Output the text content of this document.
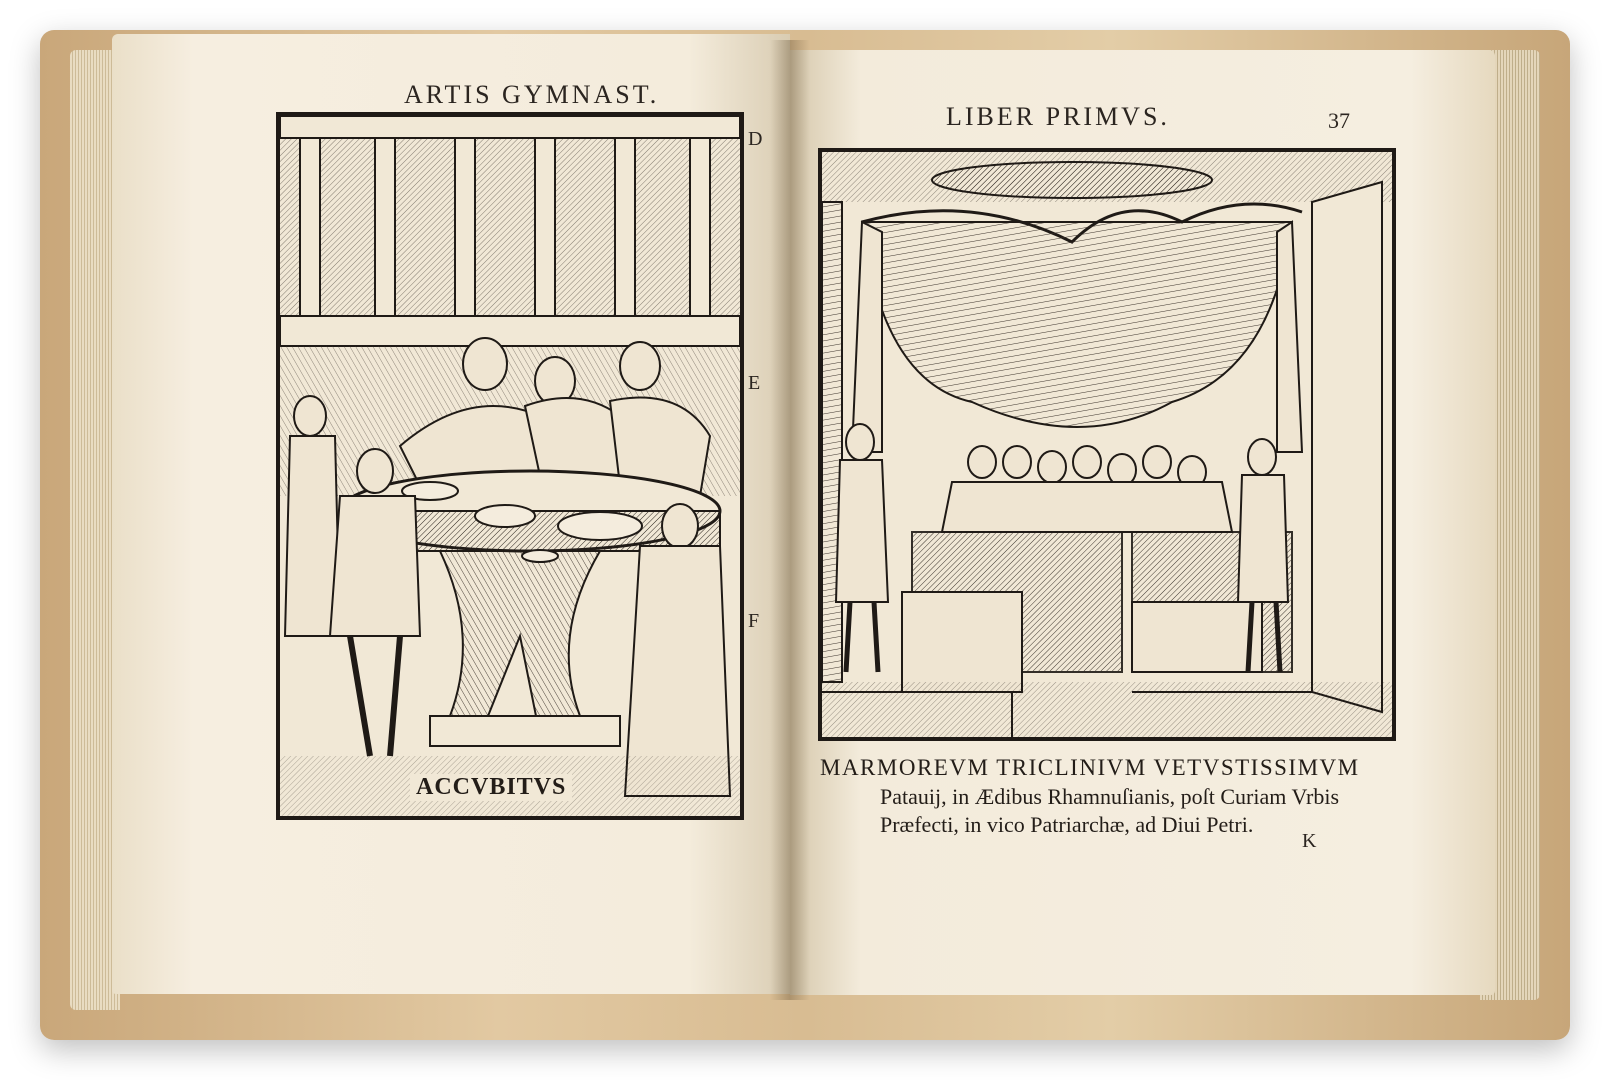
ARTIS GYMNAST.
D
E
F
ACCVBITVS
LIBER PRIMVS.	37
MARMOREVM TRICLINIVM VETVSTISSIMVM
Patauij, in Ædibus Rhamnuſianis, poſt Curiam Vrbis
Præfecti, in vico Patriarchæ, ad Diui Petri.
K
